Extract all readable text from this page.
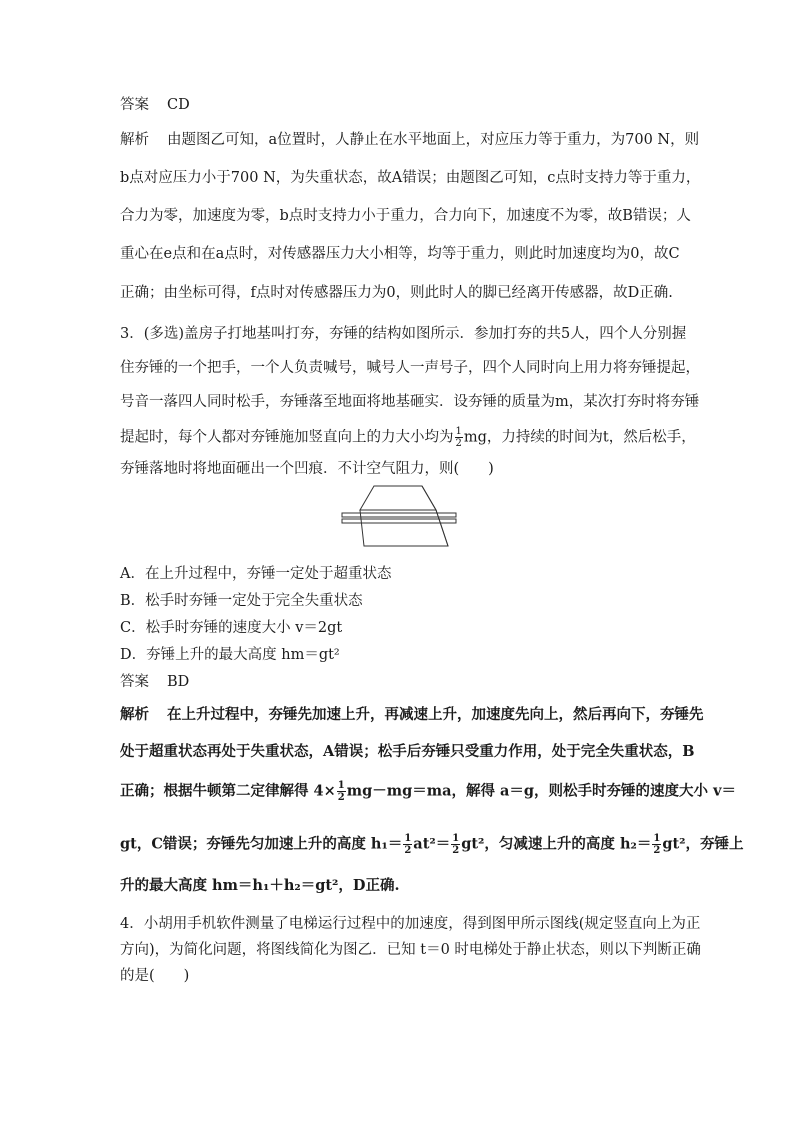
答案 CD
解析 由题图乙可知，a位置时，人静止在水平地面上，对应压力等于重力，为700 N，则
b点对应压力小于700 N，为失重状态，故A错误；由题图乙可知，c点时支持力等于重力，
合力为零，加速度为零，b点时支持力小于重力，合力向下，加速度不为零，故B错误；人
重心在e点和在a点时，对传感器压力大小相等，均等于重力，则此时加速度均为0，故C
正确；由坐标可得，f点时对传感器压力为0，则此时人的脚已经离开传感器，故D正确.
3．(多选)盖房子打地基叫打夯，夯锤的结构如图所示．参加打夯的共5人，四个人分别握
住夯锤的一个把手，一个人负责喊号，喊号人一声号子，四个人同时向上用力将夯锤提起，
号音一落四人同时松手，夯锤落至地面将地基砸实．设夯锤的质量为m，某次打夯时将夯锤
提起时，每个人都对夯锤施加竖直向上的力大小均为 $\frac{1}{2}$ mg，力持续的时间为t，然后松手，
夯锤落地时将地面砸出一个凹痕．不计空气阻力，则(　　)
A．在上升过程中，夯锤一定处于超重状态
B．松手时夯锤一定处于完全失重状态
C．松手时夯锤的速度大小 v＝2gt
D．夯锤上升的最大高度 hm＝gt²
答案 BD
解析 在上升过程中，夯锤先加速上升，再减速上升，加速度先向上，然后再向下，夯锤先
处于超重状态再处于失重状态，A错误；松手后夯锤只受重力作用，处于完全失重状态，B
正确；根据牛顿第二定律解得 $4\times \frac{1}{2} mg-mg=ma$，解得 a＝g，则松手时夯锤的速度大小 v＝
gt，C错误；夯锤先匀加速上升的高度 $h_1= \frac{1}{2} at^2= \frac{1}{2} gt^2$，匀减速上升的高度 $h_2= \frac{1}{2} gt^2$，夯锤上
升的最大高度 hm＝h₁＋h₂＝gt²，D正确.
4．小胡用手机软件测量了电梯运行过程中的加速度，得到图甲所示图线(规定竖直向上为正
方向)，为简化问题，将图线简化为图乙．已知 t＝0 时电梯处于静止状态，则以下判断正确
的是(　　)
